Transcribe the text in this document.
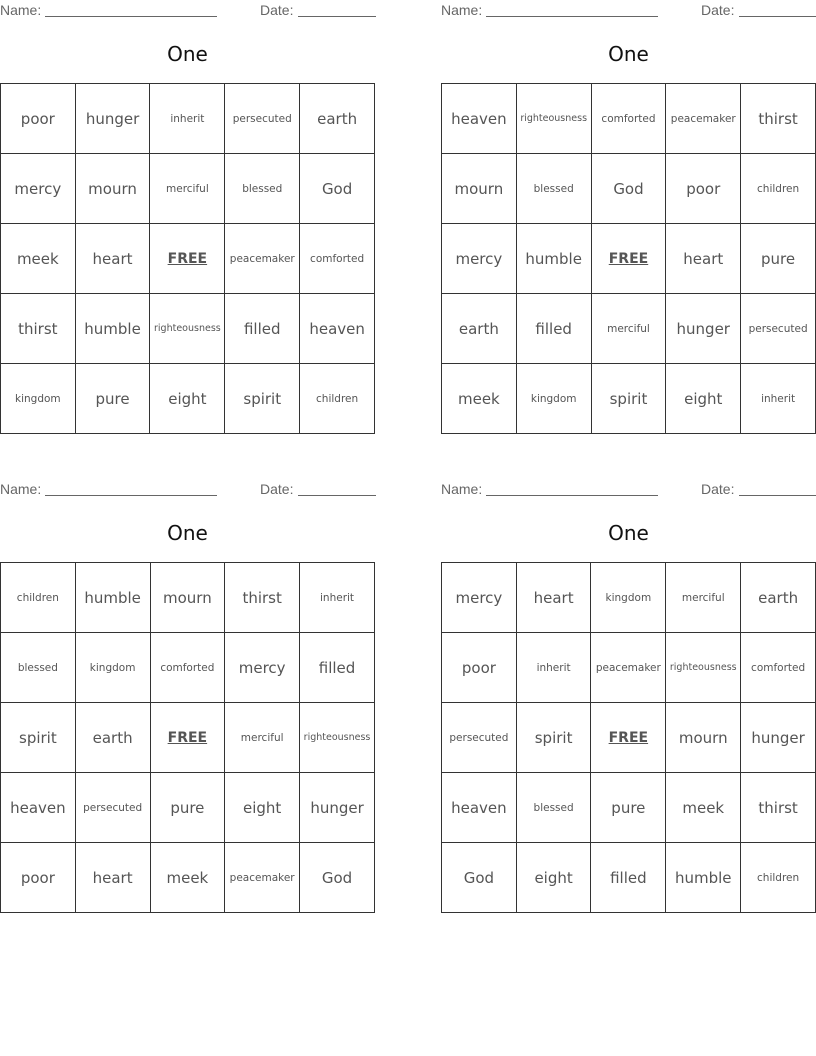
Name:	Date:
One
poor	hunger	inherit	persecuted	earth
mercy	mourn	merciful	blessed	God
meek	heart	FREE	peacemaker	comforted
thirst	humble	righteousness	filled	heaven
kingdom	pure	eight	spirit	children
Name:	Date:
One
heaven	righteousness	comforted	peacemaker	thirst
mourn	blessed	God	poor	children
mercy	humble	FREE	heart	pure
earth	filled	merciful	hunger	persecuted
meek	kingdom	spirit	eight	inherit
Name:	Date:
One
children	humble	mourn	thirst	inherit
blessed	kingdom	comforted	mercy	filled
spirit	earth	FREE	merciful	righteousness
heaven	persecuted	pure	eight	hunger
poor	heart	meek	peacemaker	God
Name:	Date:
One
mercy	heart	kingdom	merciful	earth
poor	inherit	peacemaker	righteousness	comforted
persecuted	spirit	FREE	mourn	hunger
heaven	blessed	pure	meek	thirst
God	eight	filled	humble	children
